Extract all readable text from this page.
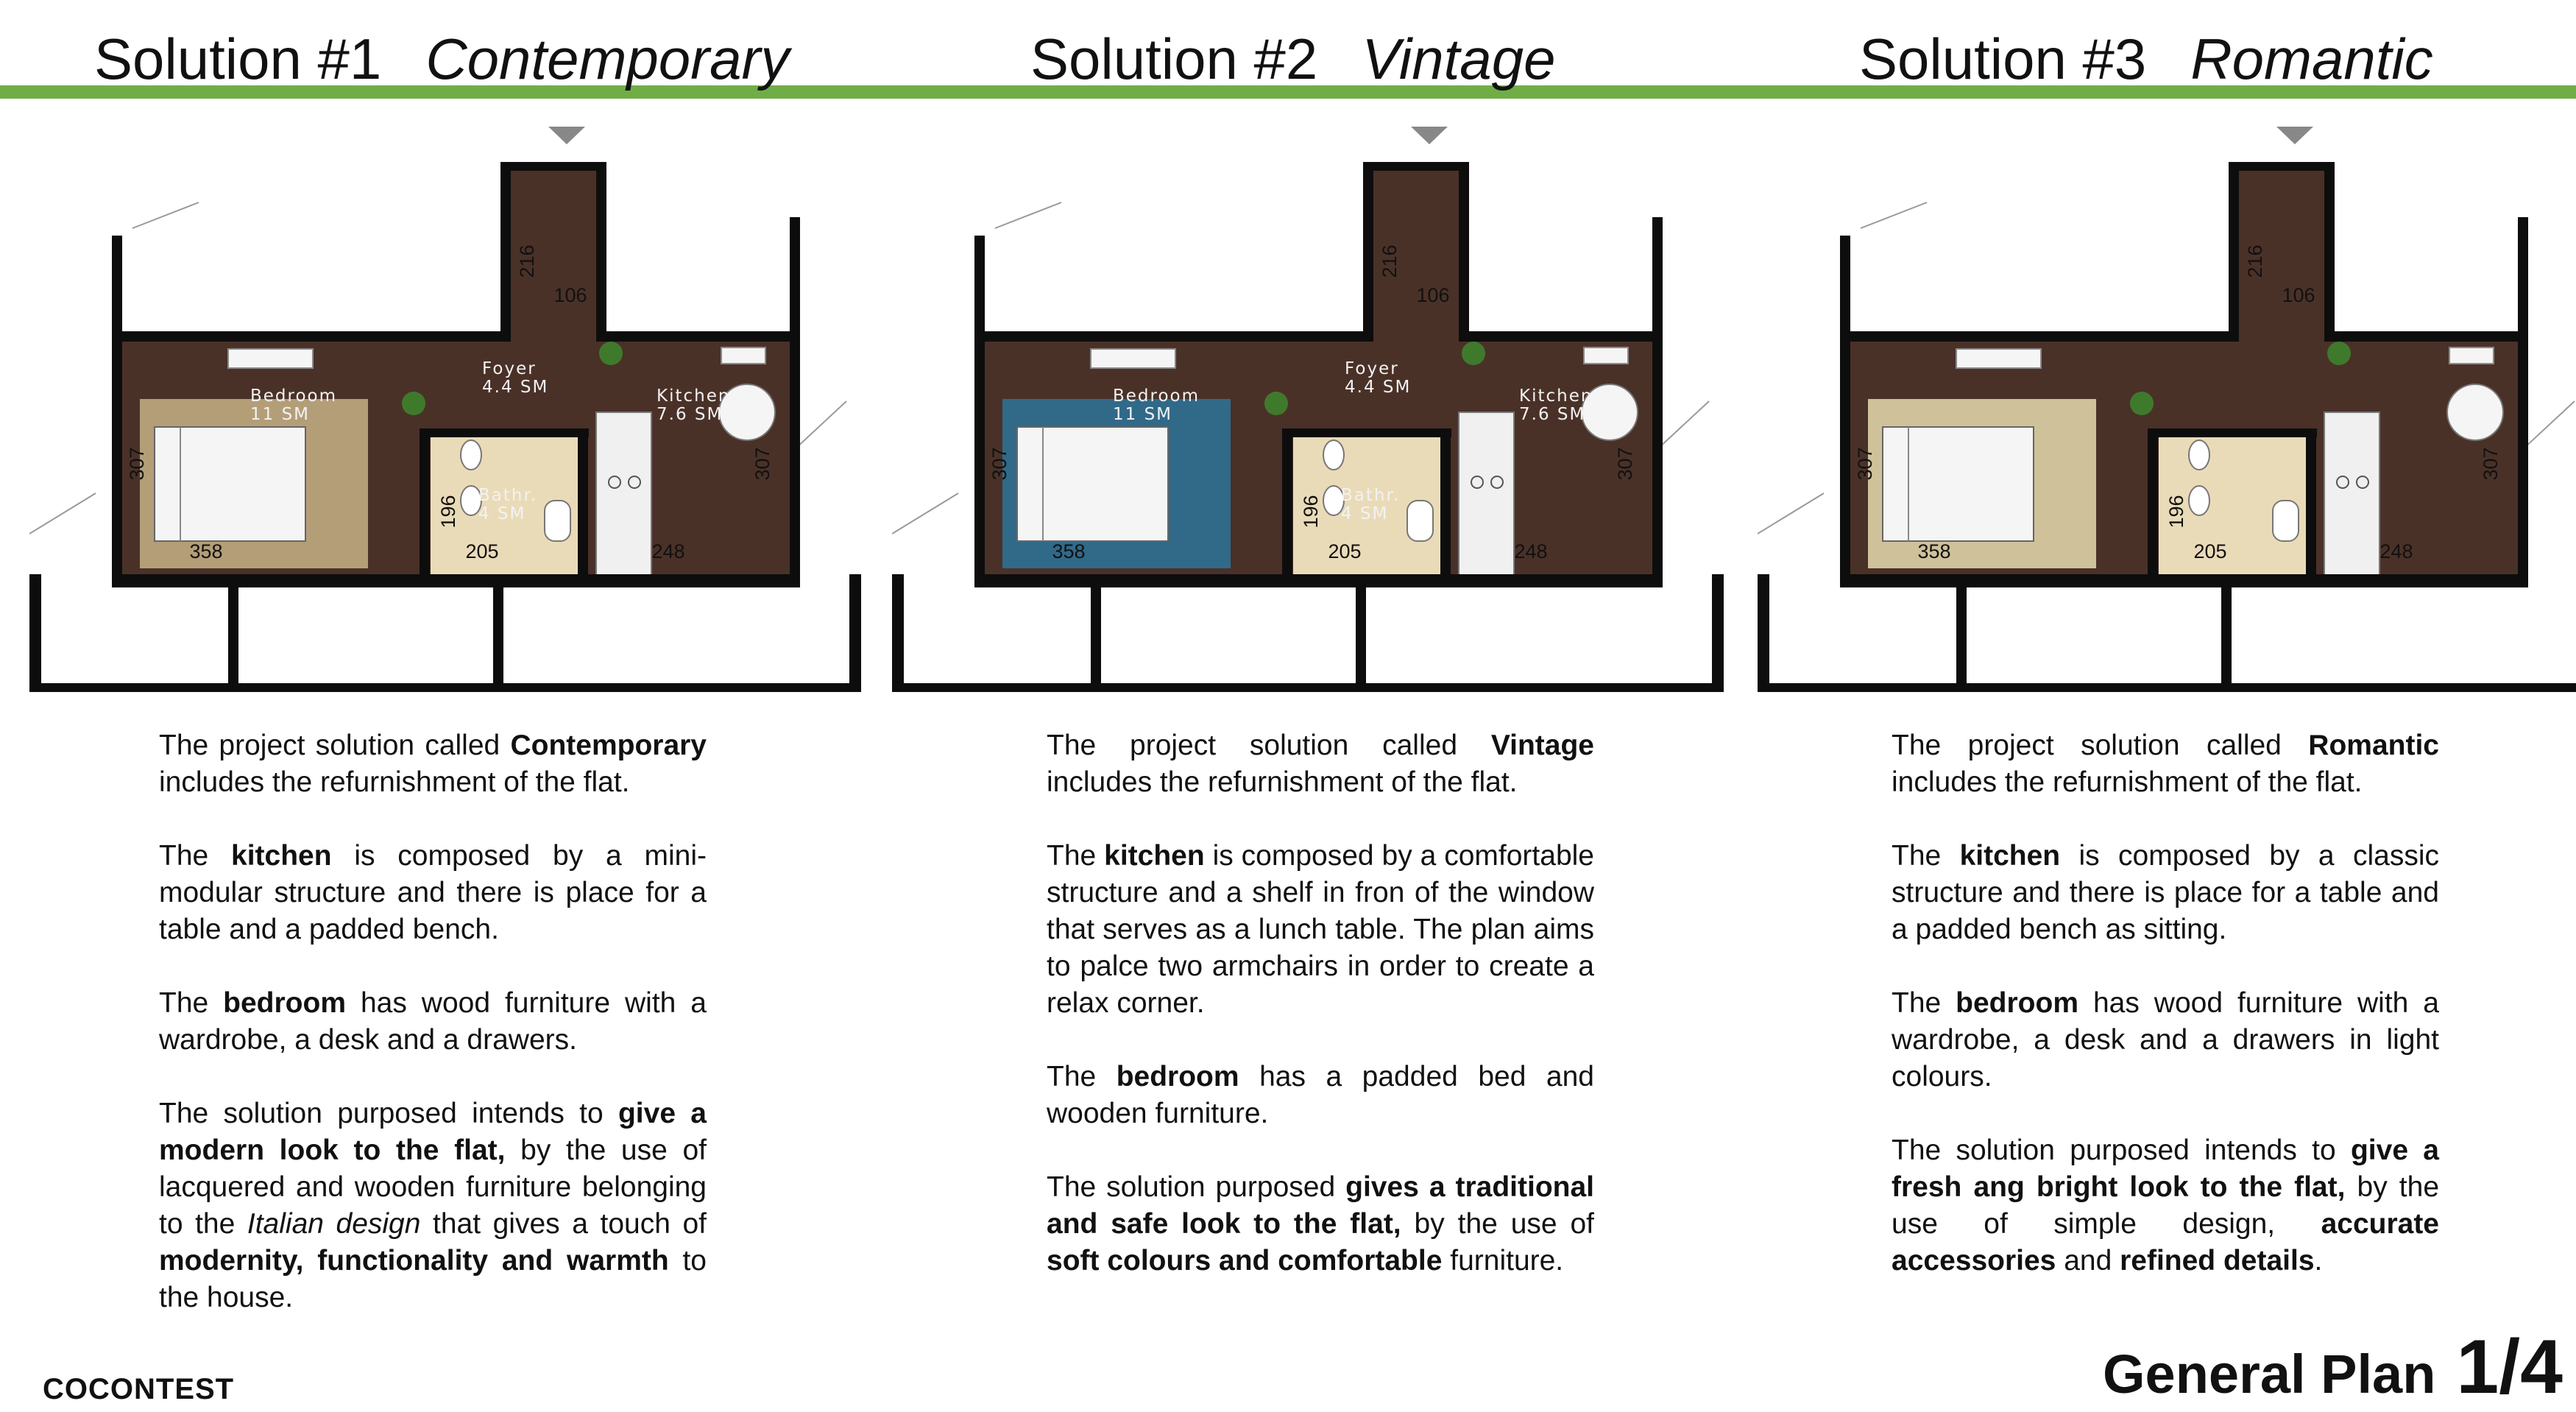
Solution #1 Contemporary	Solution #2 Vintage	Solution #3 Romantic
Bedroom
11 SM
Foyer
4.4 SM	Kitchen
7.6 SM
Bathr.
4 SM
216
106
307
196
358	205	248
307
Bedroom
11 SM
Foyer
4.4 SM	Kitchen
7.6 SM
Bathr.
4 SM
216
106
307
196
358	205	248
307
216
106
307
196
358	205	248
307

The project solution called Contemporary includes the refurnishment of the flat.

The kitchen is composed by a mini-modular structure and there is place for a table and a padded bench.

The bedroom has wood furniture with a wardrobe, a desk and a drawers.

The solution purposed intends to give a modern look to the flat, by the use of lacquered and wooden furniture belonging to the Italian design that gives a touch of modernity, functionality and warmth to the house.

The project solution called Vintage includes the refurnishment of the flat.

The kitchen is composed by a comfortable structure and a shelf in fron of the window that serves as a lunch table. The plan aims to palce two armchairs in order to create a relax corner.

The bedroom has a padded bed and wooden furniture.

The solution purposed gives a traditional and safe look to the flat, by the use of soft colours and comfortable furniture.

The project solution called Romantic includes the refurnishment of the flat.

The kitchen is composed by a classic structure and there is place for a table and a padded bench as sitting.

The bedroom has wood furniture with a wardrobe, a desk and a drawers in light colours.

The solution purposed intends to give a fresh ang bright look to the flat, by the use of simple design, accurate accessories and refined details.

COCONTEST	General Plan 1/4
